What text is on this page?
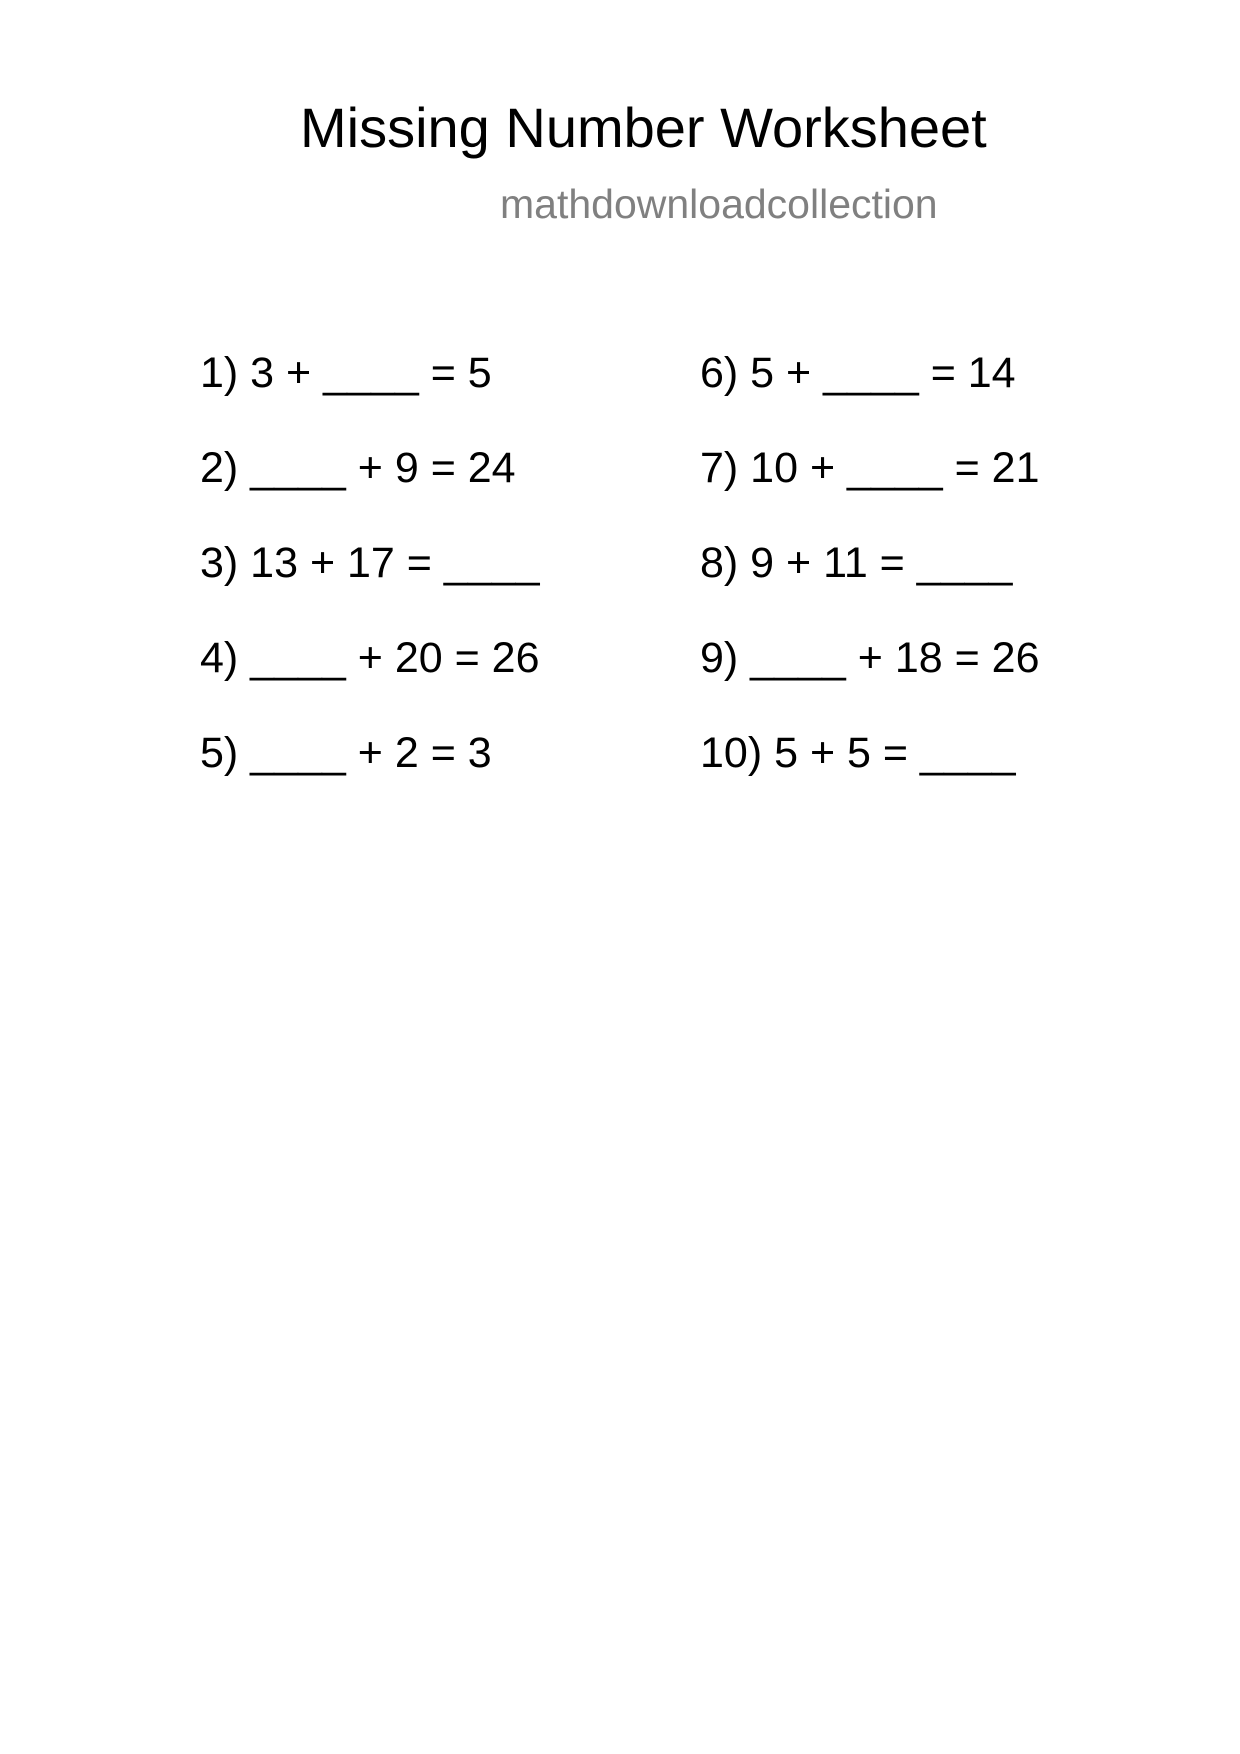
Missing Number Worksheet
mathdownloadcollection
1) 3 + ____ = 5
2) ____ + 9 = 24
3) 13 + 17 = ____
4) ____ + 20 = 26
5) ____ + 2 = 3
6) 5 + ____ = 14
7) 10 + ____ = 21
8) 9 + 11 = ____
9) ____ + 18 = 26
10) 5 + 5 = ____
